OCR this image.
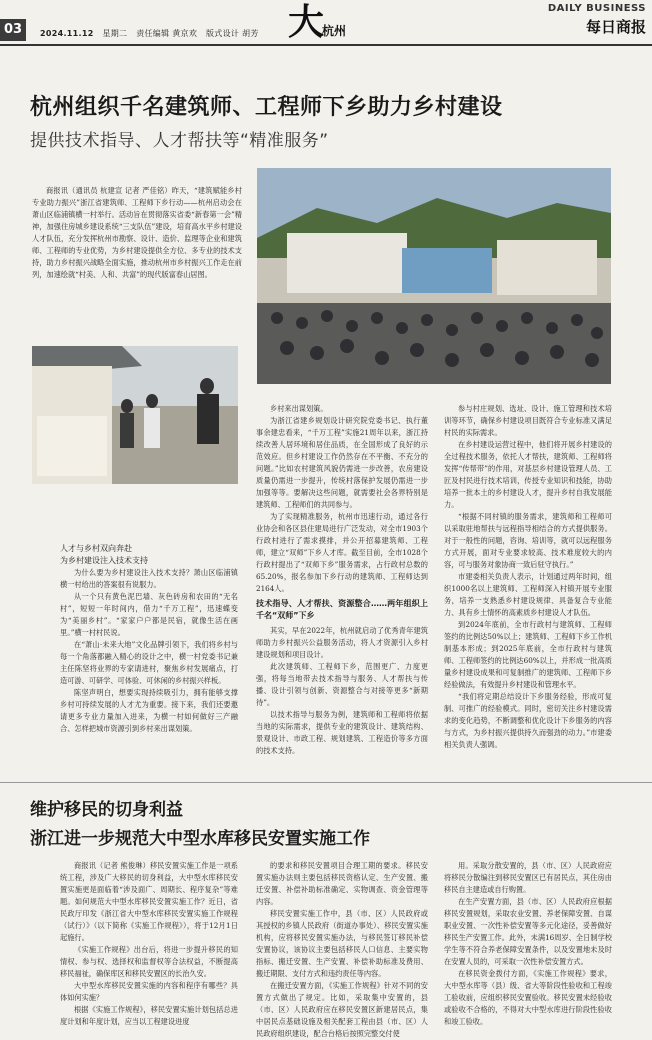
03	2024.11.12 星期二 责任编辑 黄京欢 版式设计 胡芳 大
杭州
DAILY BUSINESS
每日商报
杭州组织千名建筑师、工程师下乡助力乡村建设
提供技术指导、人才帮扶等“精准服务”

商报讯（通讯员 杭建宣 记者 严佳铭）昨天，“建筑赋能乡村 专业助力振兴”浙江省建筑师、工程师下乡行动——杭州启动会在萧山区临浦镇横一村举行。活动旨在贯彻落实省委“新春第一会”精神，加强住房城乡建设系统“三支队伍”建设，培育高水平乡村建设人才队伍，充分发挥杭州市勘察、设计、造价、监理等企业和建筑师、工程师的专业优势，为乡村建设提供全方位、多专业的技术支持，助力乡村振兴战略全面实施，推动杭州市乡村振兴工作走在前列，加速绘就“村美、人和、共富”的现代版富春山居图。

人才与乡村双向奔赴
为乡村建设注入技术支持

为什么要为乡村建设注入技术支持？萧山区临浦镇横一村给出的答案很有说服力。

从一个只有黄色泥巴墙、灰色砖房和农田的“无名村”，短短一年时间内，借力“千万工程”，迅速蝶变为“美丽乡村”。“家家户户都是民宿，就像生活在画里。”横一村村民说。

在“萧山·未来大地”文化品牌引领下，我们将乡村与每一个角落都融入精心的设计之中，横一村党委书记兼主任陈坚将业界的专家请进村，聚焦乡村发展痛点，打造可游、可研学、可体验、可休闲的乡村振兴样板。

陈坚声明白，想要实现持续吸引力，拥有能够支撑乡村可持续发展的人才尤为重要。接下来，我们还要邀请更多专业力量加入进来，为横一村如何做好三产融合、怎样把城市资源引到乡村来出谋划策。

乡村来出谋划策。

为浙江省建乡规划设计研究院党委书记、执行董事余建忠看来，“千万工程”实施21周年以来，浙江持续改善人居环境和居住品质，在全国形成了良好的示范效应。但乡村建设工作仍然存在不平衡、不充分的问题。”比如农村建筑风貌仍需进一步改善，农房建设质量仍需进一步提升，传统村落保护发展仍需进一步加强等等。要解决这些问题，就需要社会各界特别是建筑师、工程师们的共同参与。

为了实现精准服务，杭州市迅速行动，通过各行业协会和各区县住建局进行广泛发动，对全市1903个行政村进行了需求摸排，并公开招募建筑师、工程师，建立“双师”下乡人才库。截至目前，全市1028个行政村提出了“双师下乡”服务需求，占行政村总数的65.20%，报名参加下乡行动的建筑师、工程师达到2164人。

技术指导、人才帮扶、资源整合……两年组织上千名“双师”下乡

其实，早在2022年，杭州就启动了优秀青年建筑师助力乡村振兴公益服务活动，将人才资源引入乡村建设规划和项目设计。

此次建筑师、工程师下乡，范围更广、力度更强，将每当地带去技术指导与服务、人才帮扶与传播、设计引领与创新、资源整合与对接等更多“新期待”。

以技术指导与服务为例，建筑师和工程师将依据当地的实际需求，提供专业的建筑设计、建筑结构、景观设计、市政工程、规划建筑、工程造价等多方面的技术支持。

参与村庄规划、选址、设计、施工管理和技术培训等环节，确保乡村建设项目既符合专业标准又满足村民的实际需求。

在乡村建设运营过程中，他们将开展乡村建设的全过程技术服务，依托人才帮扶，建筑师、工程师将发挥“传帮带”的作用，对基层乡村建设管理人员、工匠及村民进行技术培训，传授专业知识和技能，协助培养一批本土的乡村建设人才，提升乡村自我发展能力。

“根据不同村镇的服务需求，建筑师和工程师可以采取驻地帮扶与远程指导相结合的方式提供服务。对于一般性的问题，咨询、培训等，就可以远程服务方式开展，面对专业要求较高、技术难度较大的内容，可与服务对象协商一致后驻守执行。”

市建委相关负责人表示，计划通过两年时间，组织1000名以上建筑师、工程师深入村镇开展专业服务，培养一支熟悉乡村建设规律、具备复合专业能力、具有乡土情怀的高素质乡村建设人才队伍。

到2024年底前，全市行政村与建筑师、工程师签约的比例达50%以上；建筑师、工程师下乡工作机制基本形成；到2025年底前，全市行政村与建筑师、工程师签约的比例达60%以上，并形成一批高质量乡村建设成果和可复制推广的建筑师、工程师下乡经验做法，有效提升乡村建设和管理水平。

“我们将定期总结设计下乡服务经验，形成可复制、可推广的经验模式。同时，密切关注乡村建设需求的变化趋势，不断调整和优化设计下乡服务的内容与方式，为乡村振兴提供持久而强劲的动力。”市建委相关负责人强调。

维护移民的切身利益
浙江进一步规范大中型水库移民安置实施工作

商报讯（记者 熊俊琳）移民安置实施工作是一项系统工程，涉及广大移民的切身利益，大中型水库移民安置实施更是面临着“涉及面广、周期长、程序复杂”等难题。如何规范大中型水库移民安置实施工作？近日，省民政厅印发《浙江省大中型水库移民安置实施工作规程（试行）》（以下简称《实施工作规程》），将于12月1日起施行。

《实施工作规程》出台后，将进一步提升移民的知情权、参与权、选择权和监督权等合法权益，不断提高移民福祉，确保库区和移民安置区的长治久安。

大中型水库移民安置实施的内容和程序有哪些？具体如何实施？

根据《实施工作规程》，移民安置实施计划包括总进度计划和年度计划，应当以工程建设进度

的要求和移民安置项目合理工期的要求。移民安置实施办法则主要包括移民资格认定、生产安置、搬迁安置、补偿补助标准确定、实物调查、资金管理等内容。

移民安置实施工作中，县（市、区）人民政府或其授权的乡镇人民政府（街道办事处）、移民安置实施机构，应将移民安置实施办法，与移民签订移民补偿安置协议，该协议主要包括移民人口信息、主要实物指标、搬迁安置、生产安置、补偿补助标准及费用、搬迁期限、支付方式和违约责任等内容。

在搬迁安置方面，《实施工作规程》针对不同的安置方式做出了规定。比如，采取集中安置的，县（市、区）人民政府应在移民安置区新建居民点，集中居民点基础设施及相关配套工程由县（市、区）人民政府组织建设，配合台格后按照完整交付使

用。采取分散安置的，县（市、区）人民政府应将移民分散编注到移民安置区已有居民点，其住房由移民自主建造或自行购置。

在生产安置方面，县（市、区）人民政府应根据移民安置规划，采取农业安置、养老保障安置、自谋职业安置、一次性补偿安置等多元化途径，妥善做好移民生产安置工作。此外，未满16周岁、全日制学校学生等不符合养老保障安置条件，以及安置地未及时在安置人员的，可采取一次性补偿安置方式。

在移民资金拨付方面，《实施工作规程》要求，大中型水库等（县）级、省大等阶段性验收和工程竣工验收前，应组织移民安置验收。移民安置未经验收或验收不合格的，不得对大中型水库进行阶段性验收和竣工验收。
